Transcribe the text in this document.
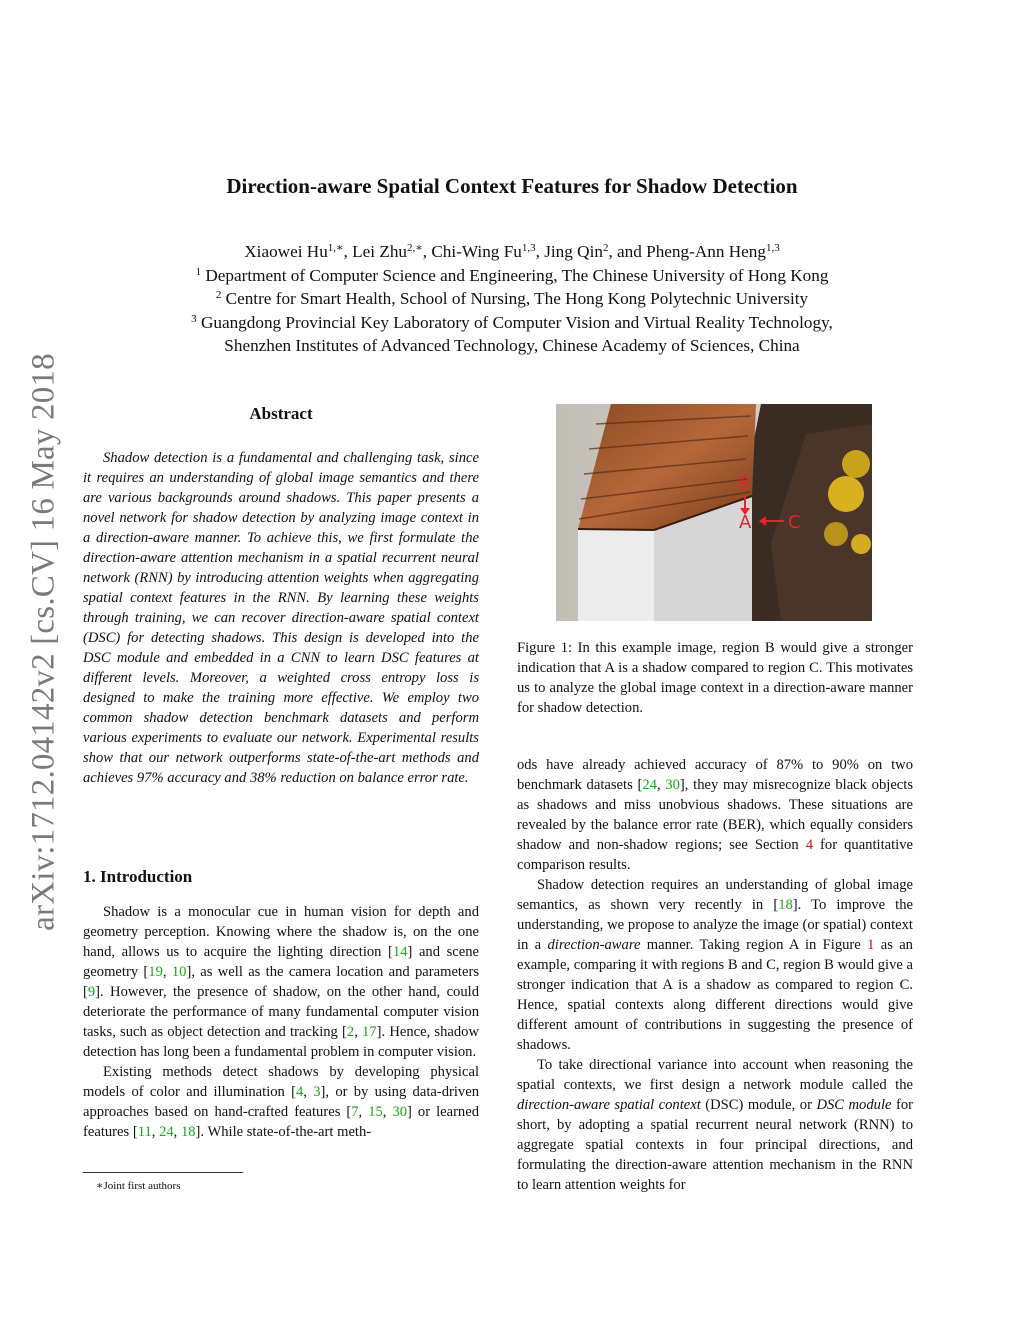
arXiv:1712.04142v2 [cs.CV] 16 May 2018
Direction-aware Spatial Context Features for Shadow Detection

Xiaowei $Hu^{1,∗}$, Lei Zhu$^{2,∗}$, Chi-Wing Fu$^{1,3}$, Jing Qin$^2$, and Pheng-Ann Heng$^{1,3}$

$^1$ Department of Computer Science and Engineering, The Chinese University of Hong Kong

$^2$ Centre for Smart Health, School of Nursing, The Hong Kong Polytechnic University

$^3$ Guangdong Provincial Key Laboratory of Computer Vision and Virtual Reality Technology,

Shenzhen Institutes of Advanced Technology, Chinese Academy of Sciences, China

Abstract

Shadow detection is a fundamental and challenging task, since it requires an understanding of global image semantics and there are various backgrounds around shadows. This paper presents a novel network for shadow detection by analyzing image context in a direction-aware manner. To achieve this, we first formulate the direction-aware attention mechanism in a spatial recurrent neural network (RNN) by introducing attention weights when aggregating spatial context features in the RNN. By learning these weights through training, we can recover direction-aware spatial context (DSC) for detecting shadows. This design is developed into the DSC module and embedded in a CNN to learn DSC features at different levels. Moreover, a weighted cross entropy loss is designed to make the training more effective. We employ two common shadow detection benchmark datasets and perform various experiments to evaluate our network. Experimental results show that our network outperforms state-of-the-art methods and achieves 97% accuracy and 38% reduction on balance error rate.

1. Introduction

Shadow is a monocular cue in human vision for depth and geometry perception. Knowing where the shadow is, on the one hand, allows us to acquire the lighting direction [14] and scene geometry [19, 10], as well as the camera location and parameters [9]. However, the presence of shadow, on the other hand, could deteriorate the performance of many fundamental computer vision tasks, such as object detection and tracking [2, 17]. Hence, shadow detection has long been a fundamental problem in computer vision.

Existing methods detect shadows by developing physical models of color and illumination [4, 3], or by using data-driven approaches based on hand-crafted features [7, 15, 30] or learned features [11, 24, 18]. While state-of-the-art meth-

∗Joint first authors
B
A C

Figure 1: In this example image, region B would give a stronger indication that A is a shadow compared to region C. This motivates us to analyze the global image context in a direction-aware manner for shadow detection.

ods have already achieved accuracy of 87% to 90% on two benchmark datasets [24, 30], they may misrecognize black objects as shadows and miss unobvious shadows. These situations are revealed by the balance error rate (BER), which equally considers shadow and non-shadow regions; see Section 4 for quantitative comparison results.

Shadow detection requires an understanding of global image semantics, as shown very recently in [18]. To improve the understanding, we propose to analyze the image (or spatial) context in a direction-aware manner. Taking region A in Figure 1 as an example, comparing it with regions B and C, region B would give a stronger indication that A is a shadow as compared to region C. Hence, spatial contexts along different directions would give different amount of contributions in suggesting the presence of shadows.

To take directional variance into account when reasoning the spatial contexts, we first design a network module called the direction-aware spatial context (DSC) module, or DSC module for short, by adopting a spatial recurrent neural network (RNN) to aggregate spatial contexts in four principal directions, and formulating the direction-aware attention mechanism in the RNN to learn attention weights for
